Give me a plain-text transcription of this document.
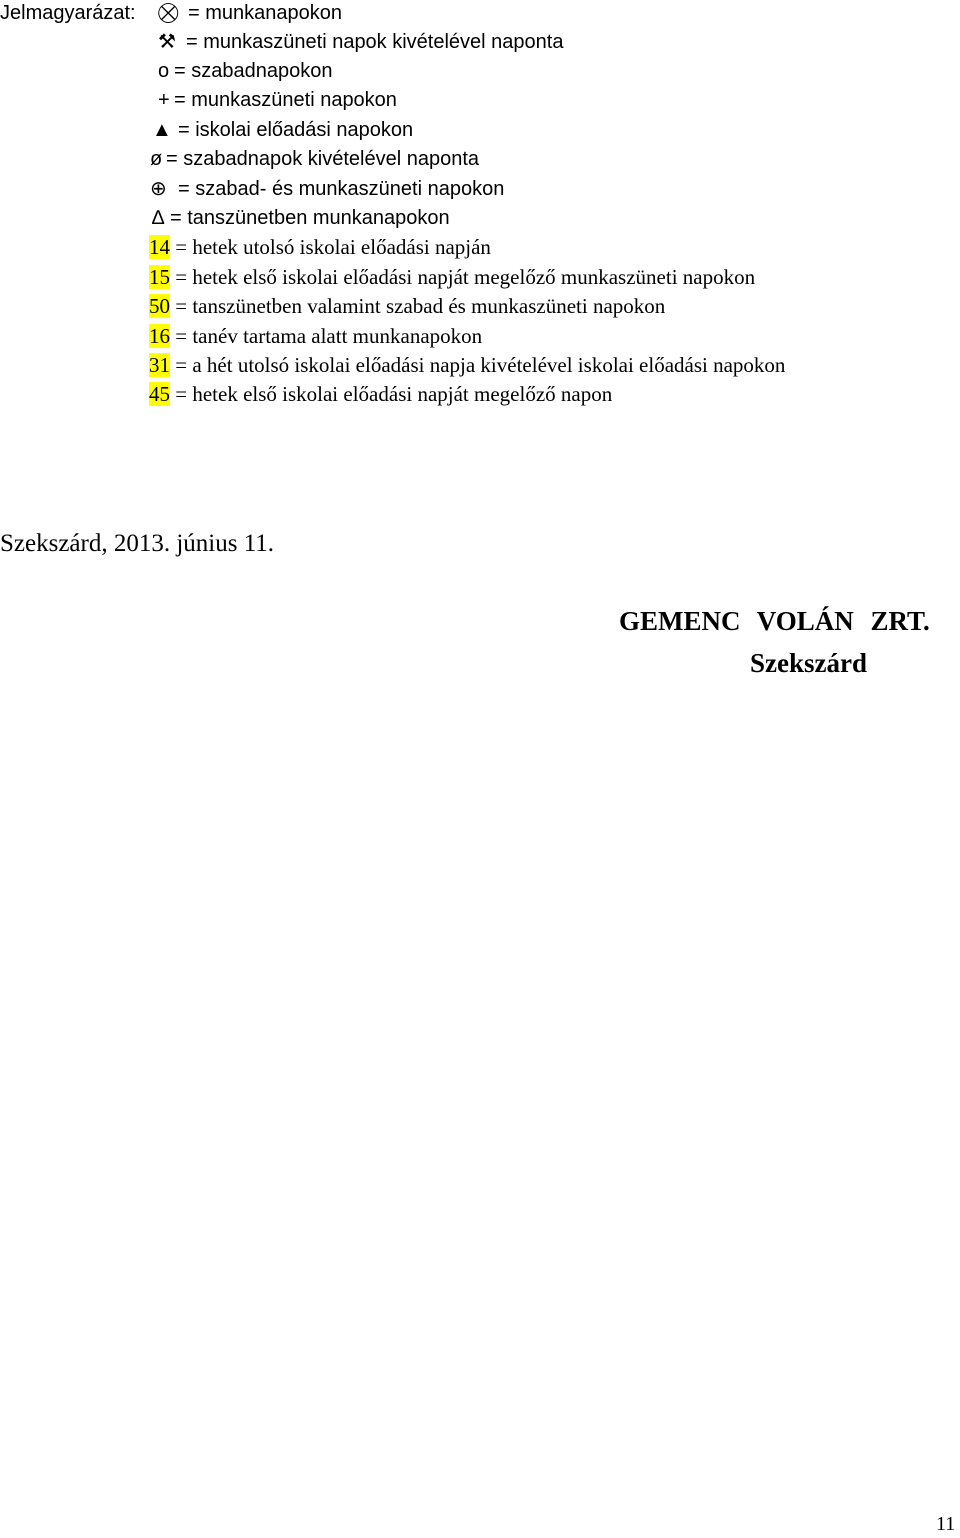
Jelmagyarázat: ⛒ = munkanapokon
⚒ = munkaszüneti napok kivételével naponta
o = szabadnapokon
+ = munkaszüneti napokon
▲ = iskolai előadási napokon
ø = szabadnapok kivételével naponta
⊕ = szabad- és munkaszüneti napokon
∆ = tanszünetben munkanapokon
14 = hetek utolsó iskolai előadási napján
15 = hetek első iskolai előadási napját megelőző munkaszüneti napokon
50 = tanszünetben valamint szabad és munkaszüneti napokon
16 = tanév tartama alatt munkanapokon
31 = a hét utolsó iskolai előadási napja kivételével iskolai előadási napokon
45 = hetek első iskolai előadási napját megelőző napon
Szekszárd, 2013. június 11.
GEMENC VOLÁN ZRT.
Szekszárd
11
